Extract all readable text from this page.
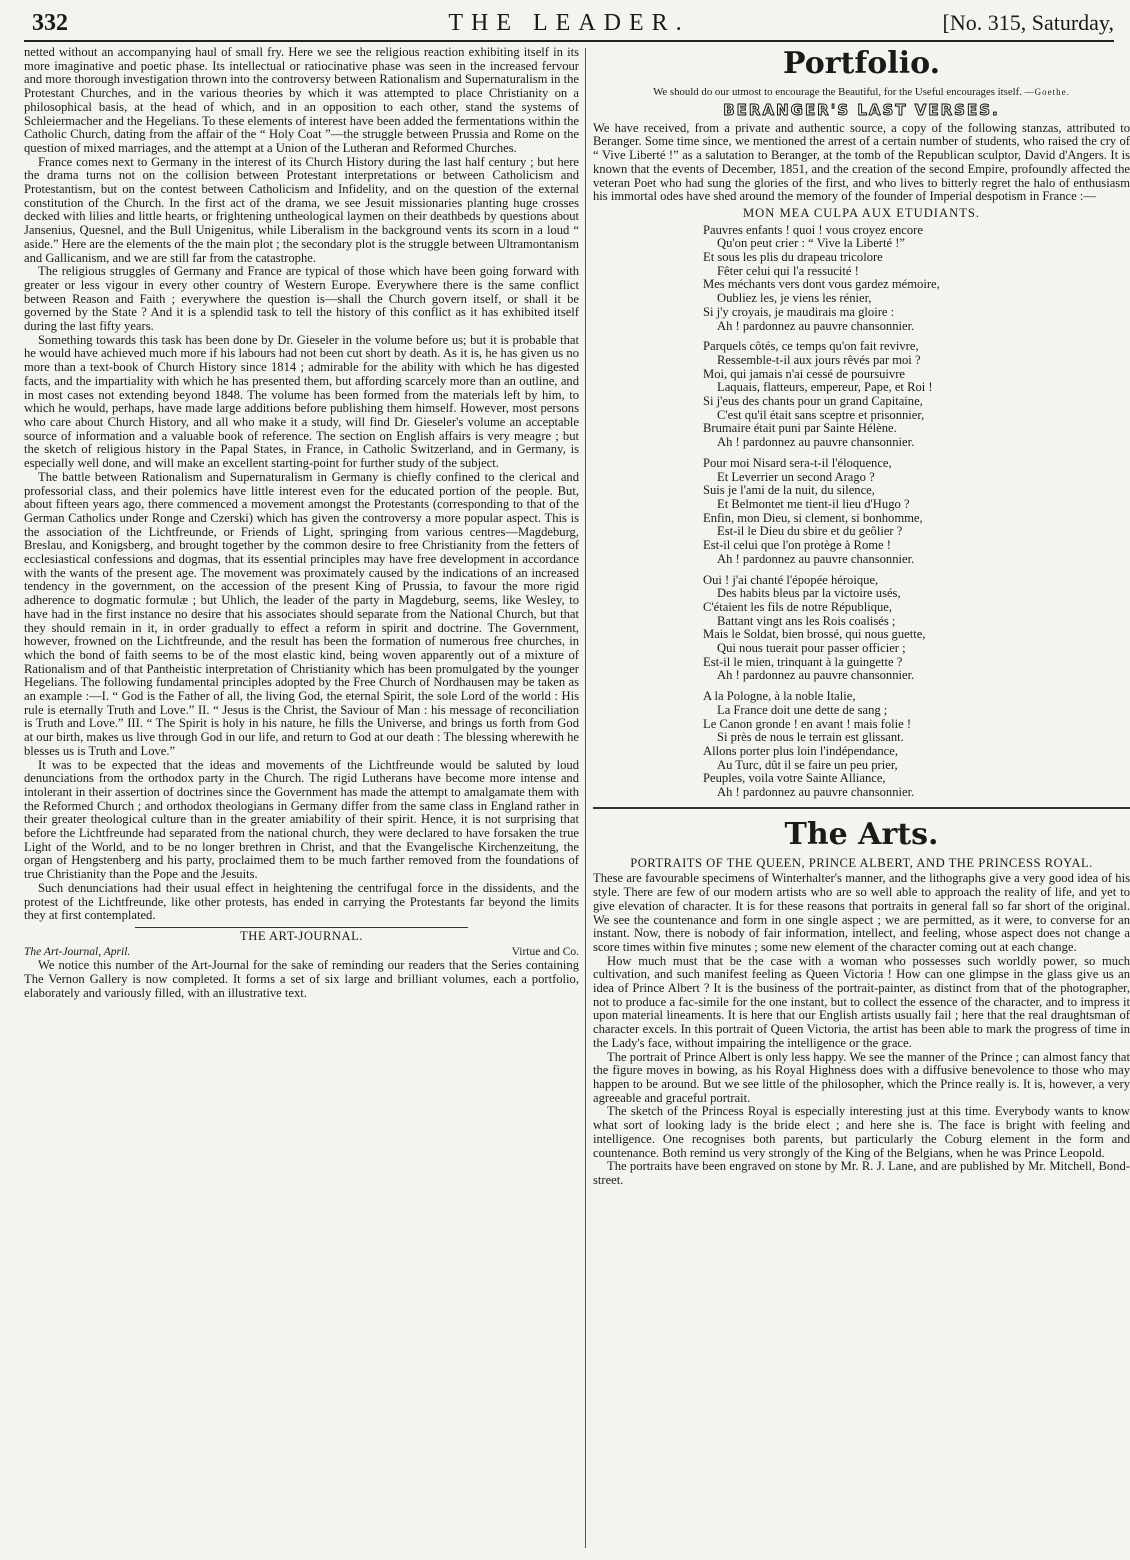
332	THE LEADER.	[No. 315, Saturday,

netted without an accompanying haul of small fry. Here we see the religious reaction exhibiting itself in its more imaginative and poetic phase. Its intellectual or ratiocinative phase was seen in the increased fervour and more thorough investigation thrown into the controversy between Rationalism and Supernaturalism in the Protestant Churches, and in the various theories by which it was attempted to place Christianity on a philosophical basis, at the head of which, and in an opposition to each other, stand the systems of Schleiermacher and the Hegelians. To these elements of interest have been added the fermentations within the Catholic Church, dating from the affair of the “ Holy Coat ”—the struggle between Prussia and Rome on the question of mixed marriages, and the attempt at a Union of the Lutheran and Reformed Churches.

France comes next to Germany in the interest of its Church History during the last half century ; but here the drama turns not on the collision between Protestant interpretations or between Catholicism and Protestantism, but on the contest between Catholicism and Infidelity, and on the question of the external constitution of the Church. In the first act of the drama, we see Jesuit missionaries planting huge crosses decked with lilies and little hearts, or frightening untheological laymen on their deathbeds by questions about Jansenius, Quesnel, and the Bull Unigenitus, while Liberalism in the background vents its scorn in a loud “ aside.” Here are the elements of the the main plot ; the secondary plot is the struggle between Ultramontanism and Gallicanism, and we are still far from the catastrophe.

The religious struggles of Germany and France are typical of those which have been going forward with greater or less vigour in every other country of Western Europe. Everywhere there is the same conflict between Reason and Faith ; everywhere the question is—shall the Church govern itself, or shall it be governed by the State ? And it is a splendid task to tell the history of this conflict as it has exhibited itself during the last fifty years.

Something towards this task has been done by Dr. Gieseler in the volume before us; but it is probable that he would have achieved much more if his labours had not been cut short by death. As it is, he has given us no more than a text-book of Church History since 1814 ; admirable for the ability with which he has digested facts, and the impartiality with which he has presented them, but affording scarcely more than an outline, and in most cases not extending beyond 1848. The volume has been formed from the materials left by him, to which he would, perhaps, have made large additions before publishing them himself. However, most persons who care about Church History, and all who make it a study, will find Dr. Gieseler's volume an acceptable source of information and a valuable book of reference. The section on English affairs is very meagre ; but the sketch of religious history in the Papal States, in France, in Catholic Switzerland, and in Germany, is especially well done, and will make an excellent starting-point for further study of the subject.

The battle between Rationalism and Supernaturalism in Germany is chiefly confined to the clerical and professorial class, and their polemics have little interest even for the educated portion of the people. But, about fifteen years ago, there commenced a movement amongst the Protestants (corresponding to that of the German Catholics under Ronge and Czerski) which has given the controversy a more popular aspect. This is the association of the Lichtfreunde, or Friends of Light, springing from various centres—Magdeburg, Breslau, and Konigsberg, and brought together by the common desire to free Christianity from the fetters of ecclesiastical confessions and dogmas, that its essential principles may have free development in accordance with the wants of the present age. The movement was proximately caused by the indications of an increased tendency in the government, on the accession of the present King of Prussia, to favour the more rigid adherence to dogmatic formulæ ; but Uhlich, the leader of the party in Magdeburg, seems, like Wesley, to have had in the first instance no desire that his associates should separate from the National Church, but that they should remain in it, in order gradually to effect a reform in spirit and doctrine. The Government, however, frowned on the Lichtfreunde, and the result has been the formation of numerous free churches, in which the bond of faith seems to be of the most elastic kind, being woven apparently out of a mixture of Rationalism and of that Pantheistic interpretation of Christianity which has been promulgated by the younger Hegelians. The following fundamental principles adopted by the Free Church of Nordhausen may be taken as an example :—I. “ God is the Father of all, the living God, the eternal Spirit, the sole Lord of the world : His rule is eternally Truth and Love.” II. “ Jesus is the Christ, the Saviour of Man : his message of reconciliation is Truth and Love.” III. “ The Spirit is holy in his nature, he fills the Universe, and brings us forth from God at our birth, makes us live through God in our life, and return to God at our death : The blessing wherewith he blesses us is Truth and Love.”

It was to be expected that the ideas and movements of the Lichtfreunde would be saluted by loud denunciations from the orthodox party in the Church. The rigid Lutherans have become more intense and intolerant in their assertion of doctrines since the Government has made the attempt to amalgamate them with the Reformed Church ; and orthodox theologians in Germany differ from the same class in England rather in their greater theological culture than in the greater amiability of their spirit. Hence, it is not surprising that before the Lichtfreunde had separated from the national church, they were declared to have forsaken the true Light of the World, and to be no longer brethren in Christ, and that the Evangelische Kirchenzeitung, the organ of Hengstenberg and his party, proclaimed them to be much farther removed from the foundations of true Christianity than the Pope and the Jesuits.

Such denunciations had their usual effect in heightening the centrifugal force in the dissidents, and the protest of the Lichtfreunde, like other protests, has ended in carrying the Protestants far beyond the limits they at first contemplated.

THE ART-JOURNAL.
The Art-Journal, April.	Virtue and Co.

We notice this number of the Art-Journal for the sake of reminding our readers that the Series containing The Vernon Gallery is now completed. It forms a set of six large and brilliant volumes, each a portfolio, elaborately and variously filled, with an illustrative text.

Portfolio.
We should do our utmost to encourage the Beautiful, for the Useful encourages itself. —Goethe.
BERANGER'S LAST VERSES.

We have received, from a private and authentic source, a copy of the following stanzas, attributed to Beranger. Some time since, we mentioned the arrest of a certain number of students, who raised the cry of “ Vive Liberté !” as a salutation to Beranger, at the tomb of the Republican sculptor, David d'Angers. It is known that the events of December, 1851, and the creation of the second Empire, profoundly affected the veteran Poet who had sung the glories of the first, and who lives to bitterly regret the halo of enthusiasm his immortal odes have shed around the memory of the founder of Imperial despotism in France :—

MON MEA CULPA AUX ETUDIANTS.
Pauvres enfants ! quoi ! vous croyez encore
Qu'on peut crier : “ Vive la Liberté !”
Et sous les plis du drapeau tricolore
Fêter celui qui l'a ressucité !
Mes méchants vers dont vous gardez mémoire,
Oubliez les, je viens les rénier,
Si j'y croyais, je maudirais ma gloire :
Ah ! pardonnez au pauvre chansonnier.
Parquels côtés, ce temps qu'on fait revivre,
Ressemble-t-il aux jours rêvés par moi ?
Moi, qui jamais n'ai cessé de poursuivre
Laquais, flatteurs, empereur, Pape, et Roi !
Si j'eus des chants pour un grand Capitaine,
C'est qu'il était sans sceptre et prisonnier,
Brumaire était puni par Sainte Hélène.
Ah ! pardonnez au pauvre chansonnier.
Pour moi Nisard sera-t-il l'éloquence,
Et Leverrier un second Arago ?
Suis je l'ami de la nuit, du silence,
Et Belmontet me tient-il lieu d'Hugo ?
Enfin, mon Dieu, si clement, si bonhomme,
Est-il le Dieu du sbire et du geôlier ?
Est-il celui que l'on protège à Rome !
Ah ! pardonnez au pauvre chansonnier.
Oui ! j'ai chanté l'épopée héroique,
Des habits bleus par la victoire usés,
C'étaient les fils de notre République,
Battant vingt ans les Rois coalisés ;
Mais le Soldat, bien brossé, qui nous guette,
Qui nous tuerait pour passer officier ;
Est-il le mien, trinquant à la guingette ?
Ah ! pardonnez au pauvre chansonnier.
A la Pologne, à la noble Italie,
La France doit une dette de sang ;
Le Canon gronde ! en avant ! mais folie !
Si près de nous le terrain est glissant.
Allons porter plus loin l'indépendance,
Au Turc, dût il se faire un peu prier,
Peuples, voila votre Sainte Alliance,
Ah ! pardonnez au pauvre chansonnier.
The Arts.
PORTRAITS OF THE QUEEN, PRINCE ALBERT, AND THE PRINCESS ROYAL.

These are favourable specimens of Winterhalter's manner, and the lithographs give a very good idea of his style. There are few of our modern artists who are so well able to approach the reality of life, and yet to give elevation of character. It is for these reasons that portraits in general fall so far short of the original. We see the countenance and form in one single aspect ; we are permitted, as it were, to converse for an instant. Now, there is nobody of fair information, intellect, and feeling, whose aspect does not change a score times within five minutes ; some new element of the character coming out at each change.

How much must that be the case with a woman who possesses such worldly power, so much cultivation, and such manifest feeling as Queen Victoria ! How can one glimpse in the glass give us an idea of Prince Albert ? It is the business of the portrait-painter, as distinct from that of the photographer, not to produce a fac-simile for the one instant, but to collect the essence of the character, and to impress it upon material lineaments. It is here that our English artists usually fail ; here that the real draughtsman of character excels. In this portrait of Queen Victoria, the artist has been able to mark the progress of time in the Lady's face, without impairing the intelligence or the grace.

The portrait of Prince Albert is only less happy. We see the manner of the Prince ; can almost fancy that the figure moves in bowing, as his Royal Highness does with a diffusive benevolence to those who may happen to be around. But we see little of the philosopher, which the Prince really is. It is, however, a very agreeable and graceful portrait.

The sketch of the Princess Royal is especially interesting just at this time. Everybody wants to know what sort of looking lady is the bride elect ; and here she is. The face is bright with feeling and intelligence. One recognises both parents, but particularly the Coburg element in the form and countenance. Both remind us very strongly of the King of the Belgians, when he was Prince Leopold.

The portraits have been engraved on stone by Mr. R. J. Lane, and are published by Mr. Mitchell, Bond-street.
